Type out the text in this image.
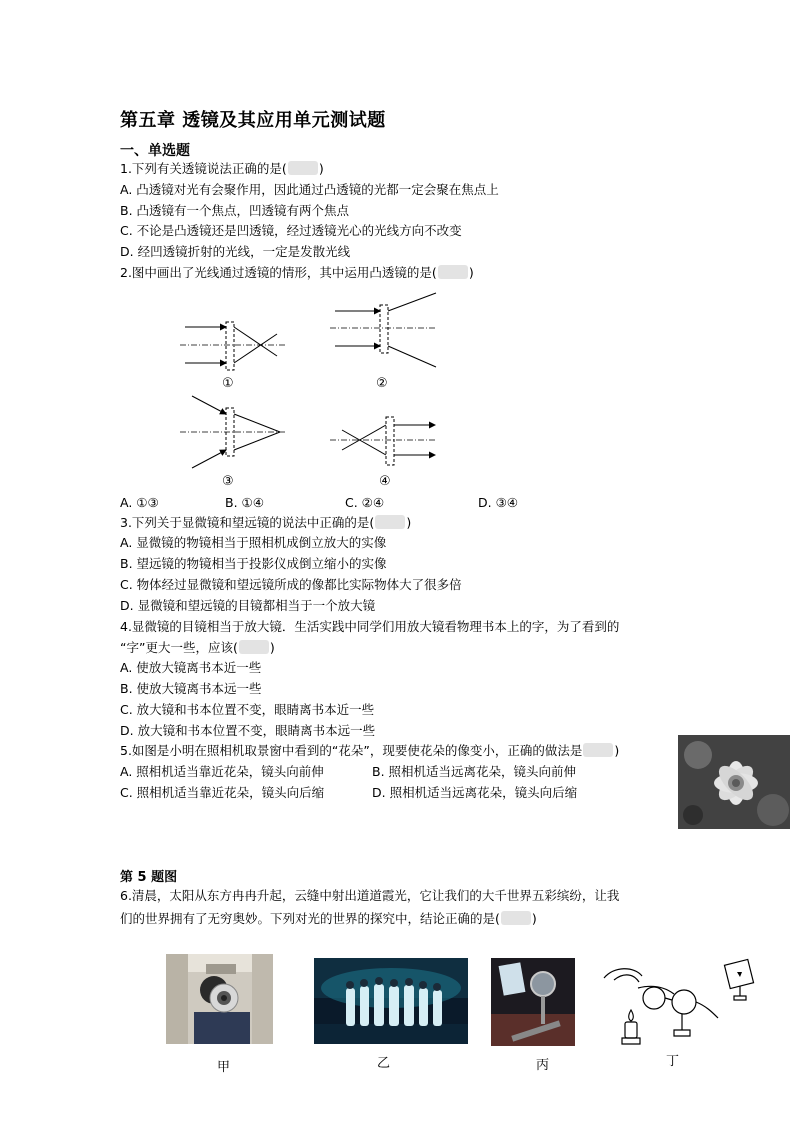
第五章 透镜及其应用单元测试题
一、单选题
1.下列有关透镜说法正确的是(	)
A. 凸透镜对光有会聚作用，因此通过凸透镜的光都一定会聚在焦点上
B. 凸透镜有一个焦点，凹透镜有两个焦点
C. 不论是凸透镜还是凹透镜，经过透镜光心的光线方向不改变
D. 经凹透镜折射的光线，一定是发散光线
2.图中画出了光线通过透镜的情形，其中运用凸透镜的是(	)
①	②
③	④
A. ①③	B. ①④	C. ②④	D. ③④
3.下列关于显微镜和望远镜的说法中正确的是(	)
A. 显微镜的物镜相当于照相机成倒立放大的实像
B. 望远镜的物镜相当于投影仪成倒立缩小的实像
C. 物体经过显微镜和望远镜所成的像都比实际物体大了很多倍
D. 显微镜和望远镜的目镜都相当于一个放大镜
4.显微镜的目镜相当于放大镜．生活实践中同学们用放大镜看物理书本上的字，为了看到的
“字”更大一些，应该(	)
A. 使放大镜离书本近一些
B. 使放大镜离书本远一些
C. 放大镜和书本位置不变，眼睛离书本近一些
D. 放大镜和书本位置不变，眼睛离书本远一些
5.如图是小明在照相机取景窗中看到的“花朵”，现要使花朵的像变小，正确的做法是	)
A. 照相机适当靠近花朵，镜头向前伸	B. 照相机适当远离花朵，镜头向前伸
C. 照相机适当靠近花朵，镜头向后缩	D. 照相机适当远离花朵，镜头向后缩
第 5 题图
6.清晨，太阳从东方冉冉升起，云缝中射出道道霞光，它让我们的大千世界五彩缤纷，让我
们的世界拥有了无穷奥妙。下列对光的世界的探究中，结论正确的是(	)
甲	乙	丙	丁
